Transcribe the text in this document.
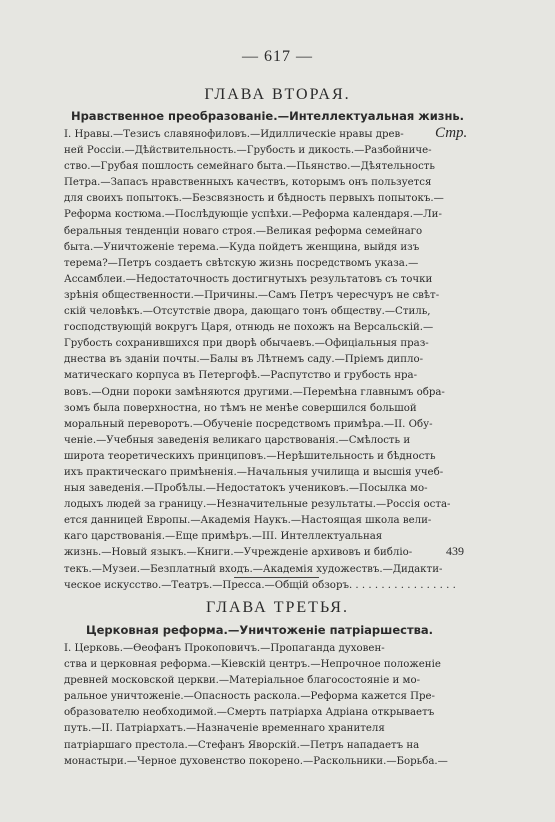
— 617 —
ГЛАВА ВТОРАЯ.
Нравственное преобразованіе.—Интеллектуальная жизнь.
Стр.
I. Нравы.—Тезисъ славянофиловъ.—Идиллическіе нравы древ-
ней Россіи.—Дѣйствительность.—Грубость и дикость.—Разбойниче-
ство.—Грубая пошлость семейнаго быта.—Пьянство.—Дѣятельность
Петра.—Запасъ нравственныхъ качествъ, которымъ онъ пользуется
для своихъ попытокъ.—Безсвязность и бѣдность первыхъ попытокъ.—
Реформа костюма.—Послѣдующіе успѣхи.—Реформа календаря.—Ли-
беральныя тенденціи новаго строя.—Великая реформа семейнаго
быта.—Уничтоженіе терема.—Куда пойдетъ женщина, выйдя изъ
терема?—Петръ создаетъ свѣтскую жизнь посредствомъ указа.—
Ассамблеи.—Недостаточность достигнутыхъ результатовъ съ точки
зрѣнія общественности.—Причины.—Самъ Петръ чересчуръ не свѣт-
скій человѣкъ.—Отсутствіе двора, дающаго тонъ обществу.—Стиль,
господствующій вокругъ Царя, отнюдь не похожъ на Версальскій.—
Грубость сохранившихся при дворѣ обычаевъ.—Офиціальныя праз-
днества въ зданіи почты.—Балы въ Лѣтнемъ саду.—Пріемъ дипло-
матическаго корпуса въ Петергофѣ.—Распутство и грубость нра-
вовъ.—Одни пороки замѣняются другими.—Перемѣна главнымъ обра-
зомъ была поверхностна, но тѣмъ не менѣе совершился большой
моральный переворотъ.—Обученіе посредствомъ примѣра.—II. Обу-
ченіе.—Учебныя заведенія великаго царствованія.—Смѣлость и
широта теоретическихъ принциповъ.—Нерѣшительность и бѣдность
ихъ практическаго примѣненія.—Начальныя училища и высшія учеб-
ныя заведенія.—Пробѣлы.—Недостатокъ учениковъ.—Посылка мо-
лодыхъ людей за границу.—Незначительные результаты.—Россія оста-
ется данницей Европы.—Академія Наукъ.—Настоящая школа вели-
каго царствованія.—Еще примѣръ.—III. Интеллектуальная
жизнь.—Новый языкъ.—Книги.—Учрежденіе архивовъ и библіо-
текъ.—Музеи.—Безплатный входъ.—Академія художествъ.—Дидакти-
ческое искусство.—Театръ.—Пресса.—Общій обзоръ. . . . . . . . . . . . . . . . .
439
ГЛАВА ТРЕТЬЯ.
Церковная реформа.—Уничтоженіе патріаршества.
I. Церковь.—Өеофанъ Прокоповичъ.—Пропаганда духовен-
ства и церковная реформа.—Кіевскій центръ.—Непрочное положеніе
древней московской церкви.—Матеріальное благосостояніе и мо-
ральное уничтоженіе.—Опасность раскола.—Реформа кажется Пре-
образователю необходимой.—Смерть патріарха Адріана открываетъ
путь.—II. Патріархатъ.—Назначеніе временнаго хранителя
патріаршаго престола.—Стефанъ Яворскій.—Петръ нападаетъ на
монастыри.—Черное духовенство покорено.—Раскольники.—Борьба.—
